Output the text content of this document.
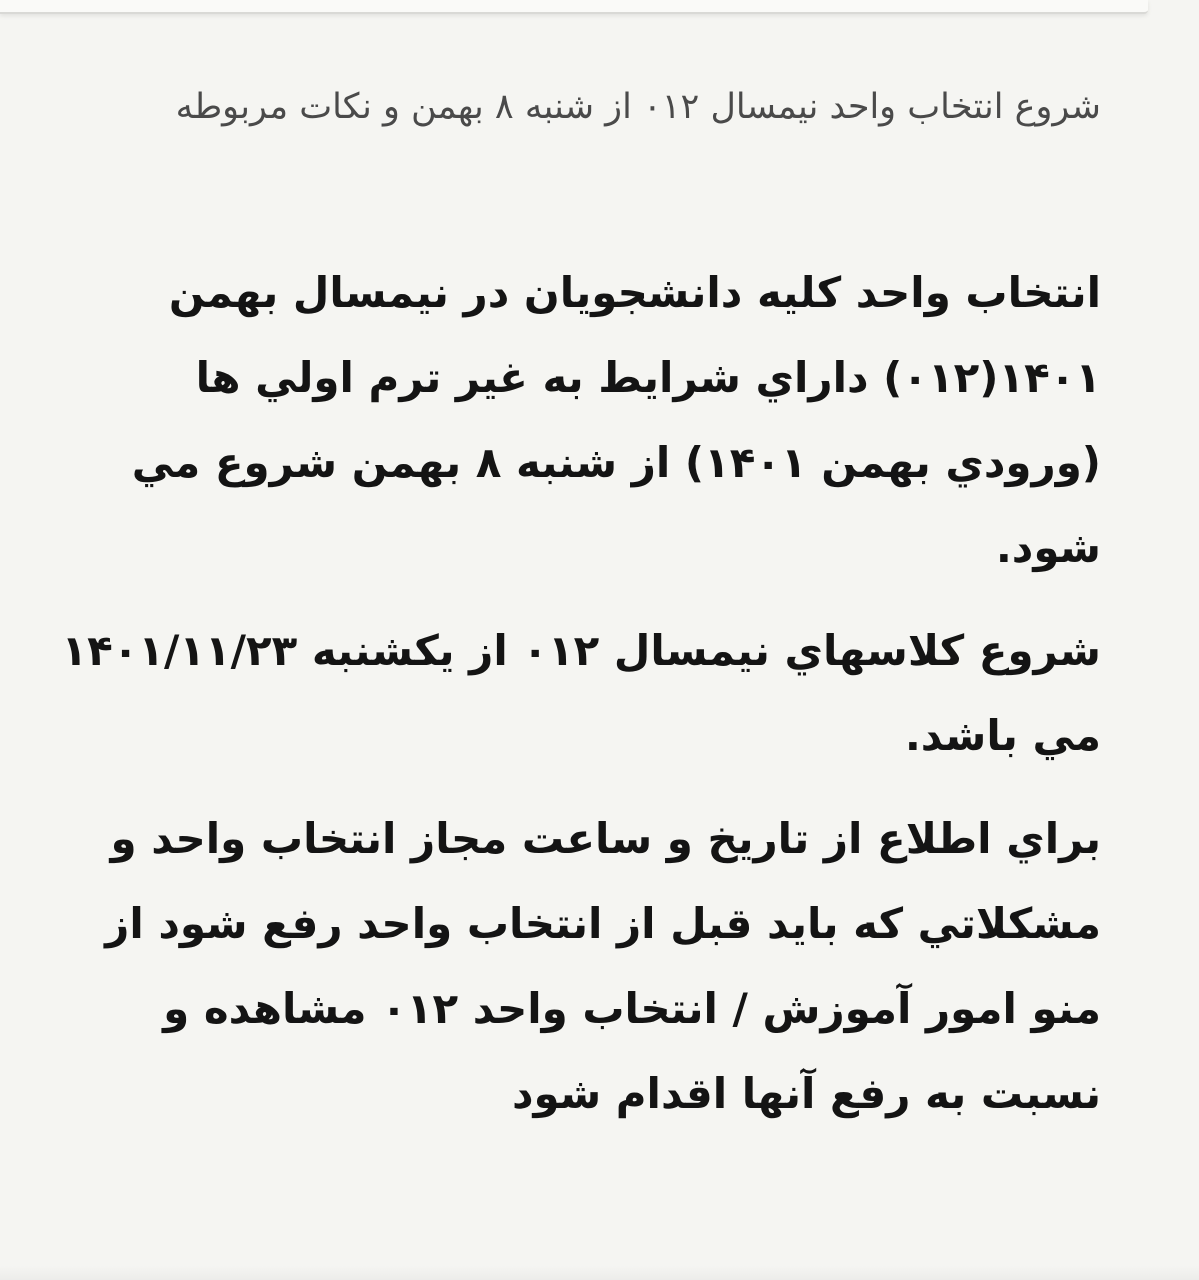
شروع انتخاب واحد نيمسال ۰۱۲ از شنبه ۸ بهمن و نکات مربوطه

انتخاب واحد کليه دانشجويان در نيمسال بهمن ۱۴۰۱(۰۱۲) داراي شرايط به غير ترم اولي ها (ورودي بهمن ۱۴۰۱) از شنبه ۸ بهمن شروع مي شود.

شروع کلاسهاي نيمسال ۰۱۲ از يکشنبه ۱۴۰۱/۱۱/۲۳ مي باشد.

براي اطلاع از تاريخ و ساعت مجاز انتخاب واحد و مشکلاتي که بايد قبل از انتخاب واحد رفع شود از منو امور آموزش / انتخاب واحد ۰۱۲ مشاهده و نسبت به رفع آنها اقدام شود
